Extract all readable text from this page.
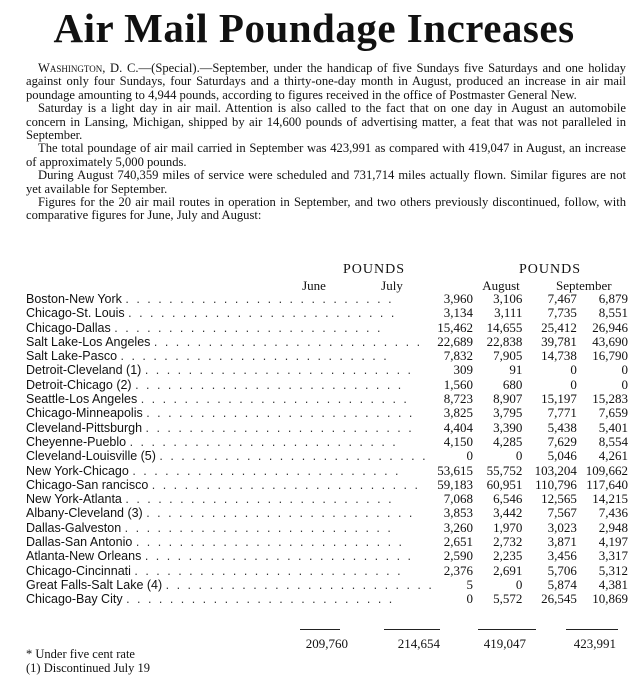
Air Mail Poundage Increases

Washington, D. C.—(Special).—September, under the handicap of five Sundays five Saturdays and one holiday against only four Sundays, four Saturdays and a thirty-one-day month in August, produced an increase in air mail poundage amounting to 4,944 pounds, according to figures received in the office of Postmaster General New.

Saturday is a light day in air mail. Attention is also called to the fact that on one day in August an automobile concern in Lansing, Michigan, shipped by air 14,600 pounds of advertising matter, a feat that was not paralleled in September.

The total poundage of air mail carried in September was 423,991 as compared with 419,047 in August, an increase of approximately 5,000 pounds.

During August 740,359 miles of service were scheduled and 731,714 miles actually flown. Similar figures are not yet available for September.

Figures for the 20 air mail routes in operation in September, and two others previously discontinued, follow, with comparative figures for June, July and August:

POUNDS	POUNDS
June	July	August	September
Boston-New York . . . . . . . . . . . . . . . . . . . . . . . . .	3,960	3,106	7,467	6,879
Chicago-St. Louis . . . . . . . . . . . . . . . . . . . . . . . . .	3,134	3,111	7,735	8,551
Chicago-Dallas . . . . . . . . . . . . . . . . . . . . . . . . .	15,462	14,655	25,412	26,946
Salt Lake-Los Angeles . . . . . . . . . . . . . . . . . . . . . . . . .	22,689	22,838	39,781	43,690
Salt Lake-Pasco . . . . . . . . . . . . . . . . . . . . . . . . .	7,832	7,905	14,738	16,790
Detroit-Cleveland (1) . . . . . . . . . . . . . . . . . . . . . . . . .	309	91	0	0
Detroit-Chicago (2) . . . . . . . . . . . . . . . . . . . . . . . . .	1,560	680	0	0
Seattle-Los Angeles . . . . . . . . . . . . . . . . . . . . . . . . .	8,723	8,907	15,197	15,283
Chicago-Minneapolis . . . . . . . . . . . . . . . . . . . . . . . . .	3,825	3,795	7,771	7,659
Cleveland-Pittsburgh . . . . . . . . . . . . . . . . . . . . . . . . .	4,404	3,390	5,438	5,401
Cheyenne-Pueblo . . . . . . . . . . . . . . . . . . . . . . . . .	4,150	4,285	7,629	8,554
Cleveland-Louisville (5) . . . . . . . . . . . . . . . . . . . . . . . . .	0	0	5,046	4,261
New York-Chicago . . . . . . . . . . . . . . . . . . . . . . . . .	53,615	55,752	103,204	109,662
Chicago-San rancisco . . . . . . . . . . . . . . . . . . . . . . . . .	59,183	60,951	110,796	117,640
New York-Atlanta . . . . . . . . . . . . . . . . . . . . . . . . .	7,068	6,546	12,565	14,215
Albany-Cleveland (3) . . . . . . . . . . . . . . . . . . . . . . . . .	3,853	3,442	7,567	7,436
Dallas-Galveston . . . . . . . . . . . . . . . . . . . . . . . . .	3,260	1,970	3,023	2,948
Dallas-San Antonio . . . . . . . . . . . . . . . . . . . . . . . . .	2,651	2,732	3,871	4,197
Atlanta-New Orleans . . . . . . . . . . . . . . . . . . . . . . . . .	2,590	2,235	3,456	3,317
Chicago-Cincinnati . . . . . . . . . . . . . . . . . . . . . . . . .	2,376	2,691	5,706	5,312
Great Falls-Salt Lake (4) . . . . . . . . . . . . . . . . . . . . . . . . .	5	0	5,874	4,381
Chicago-Bay City . . . . . . . . . . . . . . . . . . . . . . . . .	0	5,572	26,545	10,869
209,760	214,654	419,047	423,991
* Under five cent rate
(1) Discontinued July 19
